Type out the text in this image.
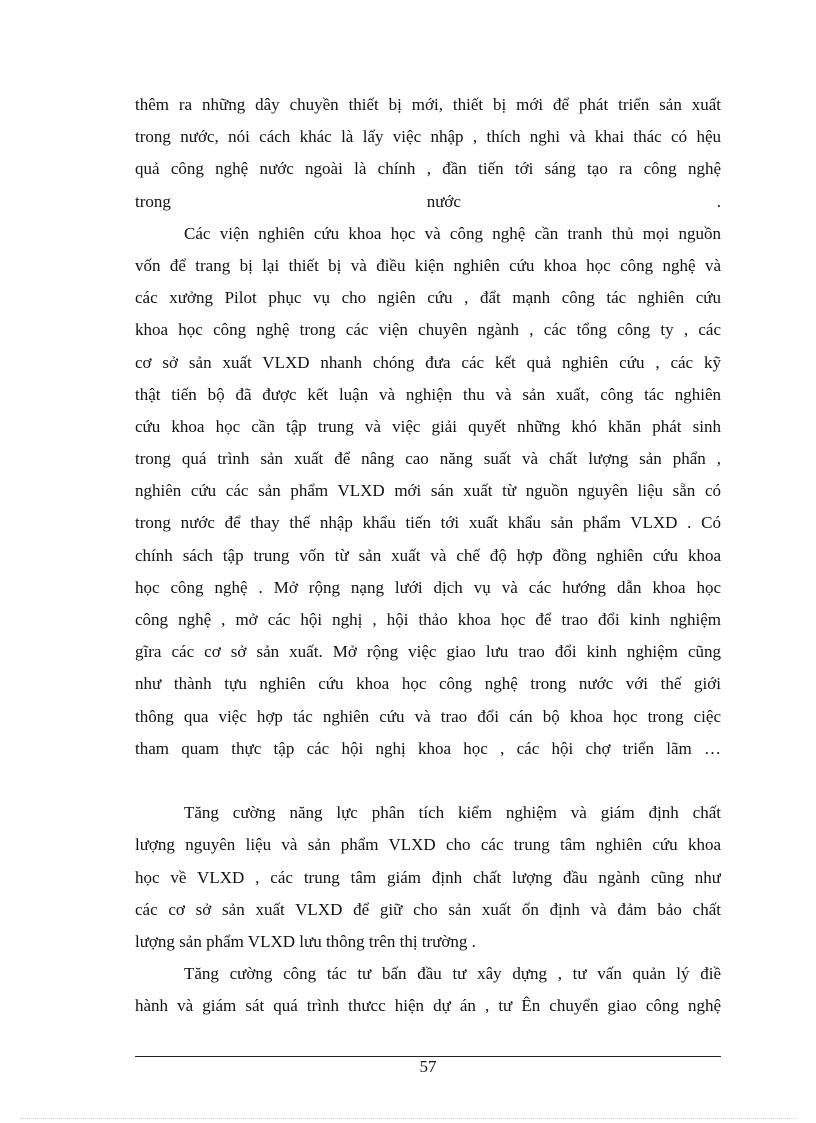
thêm ra những dây chuyền thiết bị mới, thiết bị mới để phát triển sản xuất
trong nước, nói cách khác là lấy việc nhập , thích nghi và khai thác có hệu
quả công nghệ nước ngoài là chính , đần tiến tới sáng tạo ra công nghệ
trong nước .
Các viện nghiên cứu khoa học và công nghệ cần tranh thủ mọi nguồn
vốn để trang bị lại thiết bị và điều kiện nghiên cứu khoa học công nghệ và
các xưởng Pilot phục vụ cho ngiên cứu , đẩt mạnh công tác nghiên cứu
khoa học công nghệ trong các viện chuyên ngành , các tổng công ty , các
cơ sở sản xuất VLXD nhanh chóng đưa các kết quả nghiên cứu , các kỹ
thật tiến bộ đã được kết luận và nghiện thu và sản xuất, công tác nghiên
cứu khoa học cần tập trung và việc giải quyết những khó khăn phát sinh
trong quá trình sản xuất để nâng cao năng suất và chất lượng sản phẩn ,
nghiên cứu các sản phẩm VLXD mới sán xuất từ nguồn nguyên liệu sẵn có
trong nước để thay thế nhập khẩu tiến tới xuất khẩu sản phẩm VLXD . Có
chính sách tập trung vốn từ sản xuất và chế độ hợp đồng nghiên cứu khoa
học công nghệ . Mở rộng nạng lưới dịch vụ và các hướng dẫn khoa học
công nghệ , mở các hội nghị , hội thảo khoa học để trao đổi kinh nghiệm
gĩra các cơ sở sản xuất. Mở rộng việc giao lưu trao đổi kinh nghiệm cũng
như thành tựu nghiên cứu khoa học công nghệ trong nước với thế giới
thông qua việc hợp tác nghiên cứu và trao đổi cán bộ khoa học trong ciệc
tham quam thực tập các hội nghị khoa học , các hội chợ triển lãm …
Tăng cường năng lực phân tích kiểm nghiệm và giám định chất
lượng nguyên liệu và sản phẩm VLXD cho các trung tâm nghiên cứu khoa
học về VLXD , các trung tâm giám định chất lượng đầu ngành cũng như
các cơ sở sản xuất VLXD để giữ cho sản xuất ổn định và đảm bảo chất
lượng sản phẩm VLXD lưu thông trên thị trường .
Tăng cường công tác tư bấn đầu tư xây dựng , tư vấn quản lý điề
hành và giám sát quá trình thưcc hiện dự án , tư Ên chuyển giao công nghệ
57
